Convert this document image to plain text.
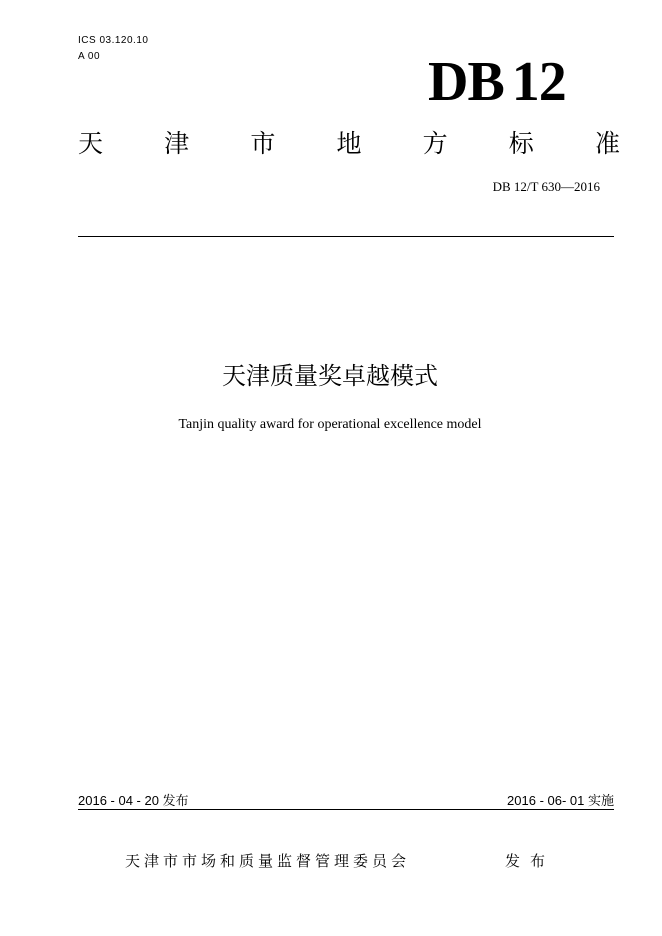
ICS 03.120.10
A 00	DB 12
天 津 市 地 方 标 准
DB 12/T 630—2016
天津质量奖卓越模式
Tanjin quality award for operational excellence model
2016 - 04 - 20 发布	2016 - 06- 01 实施
天津市市场和质量监督管理委员会	发布
